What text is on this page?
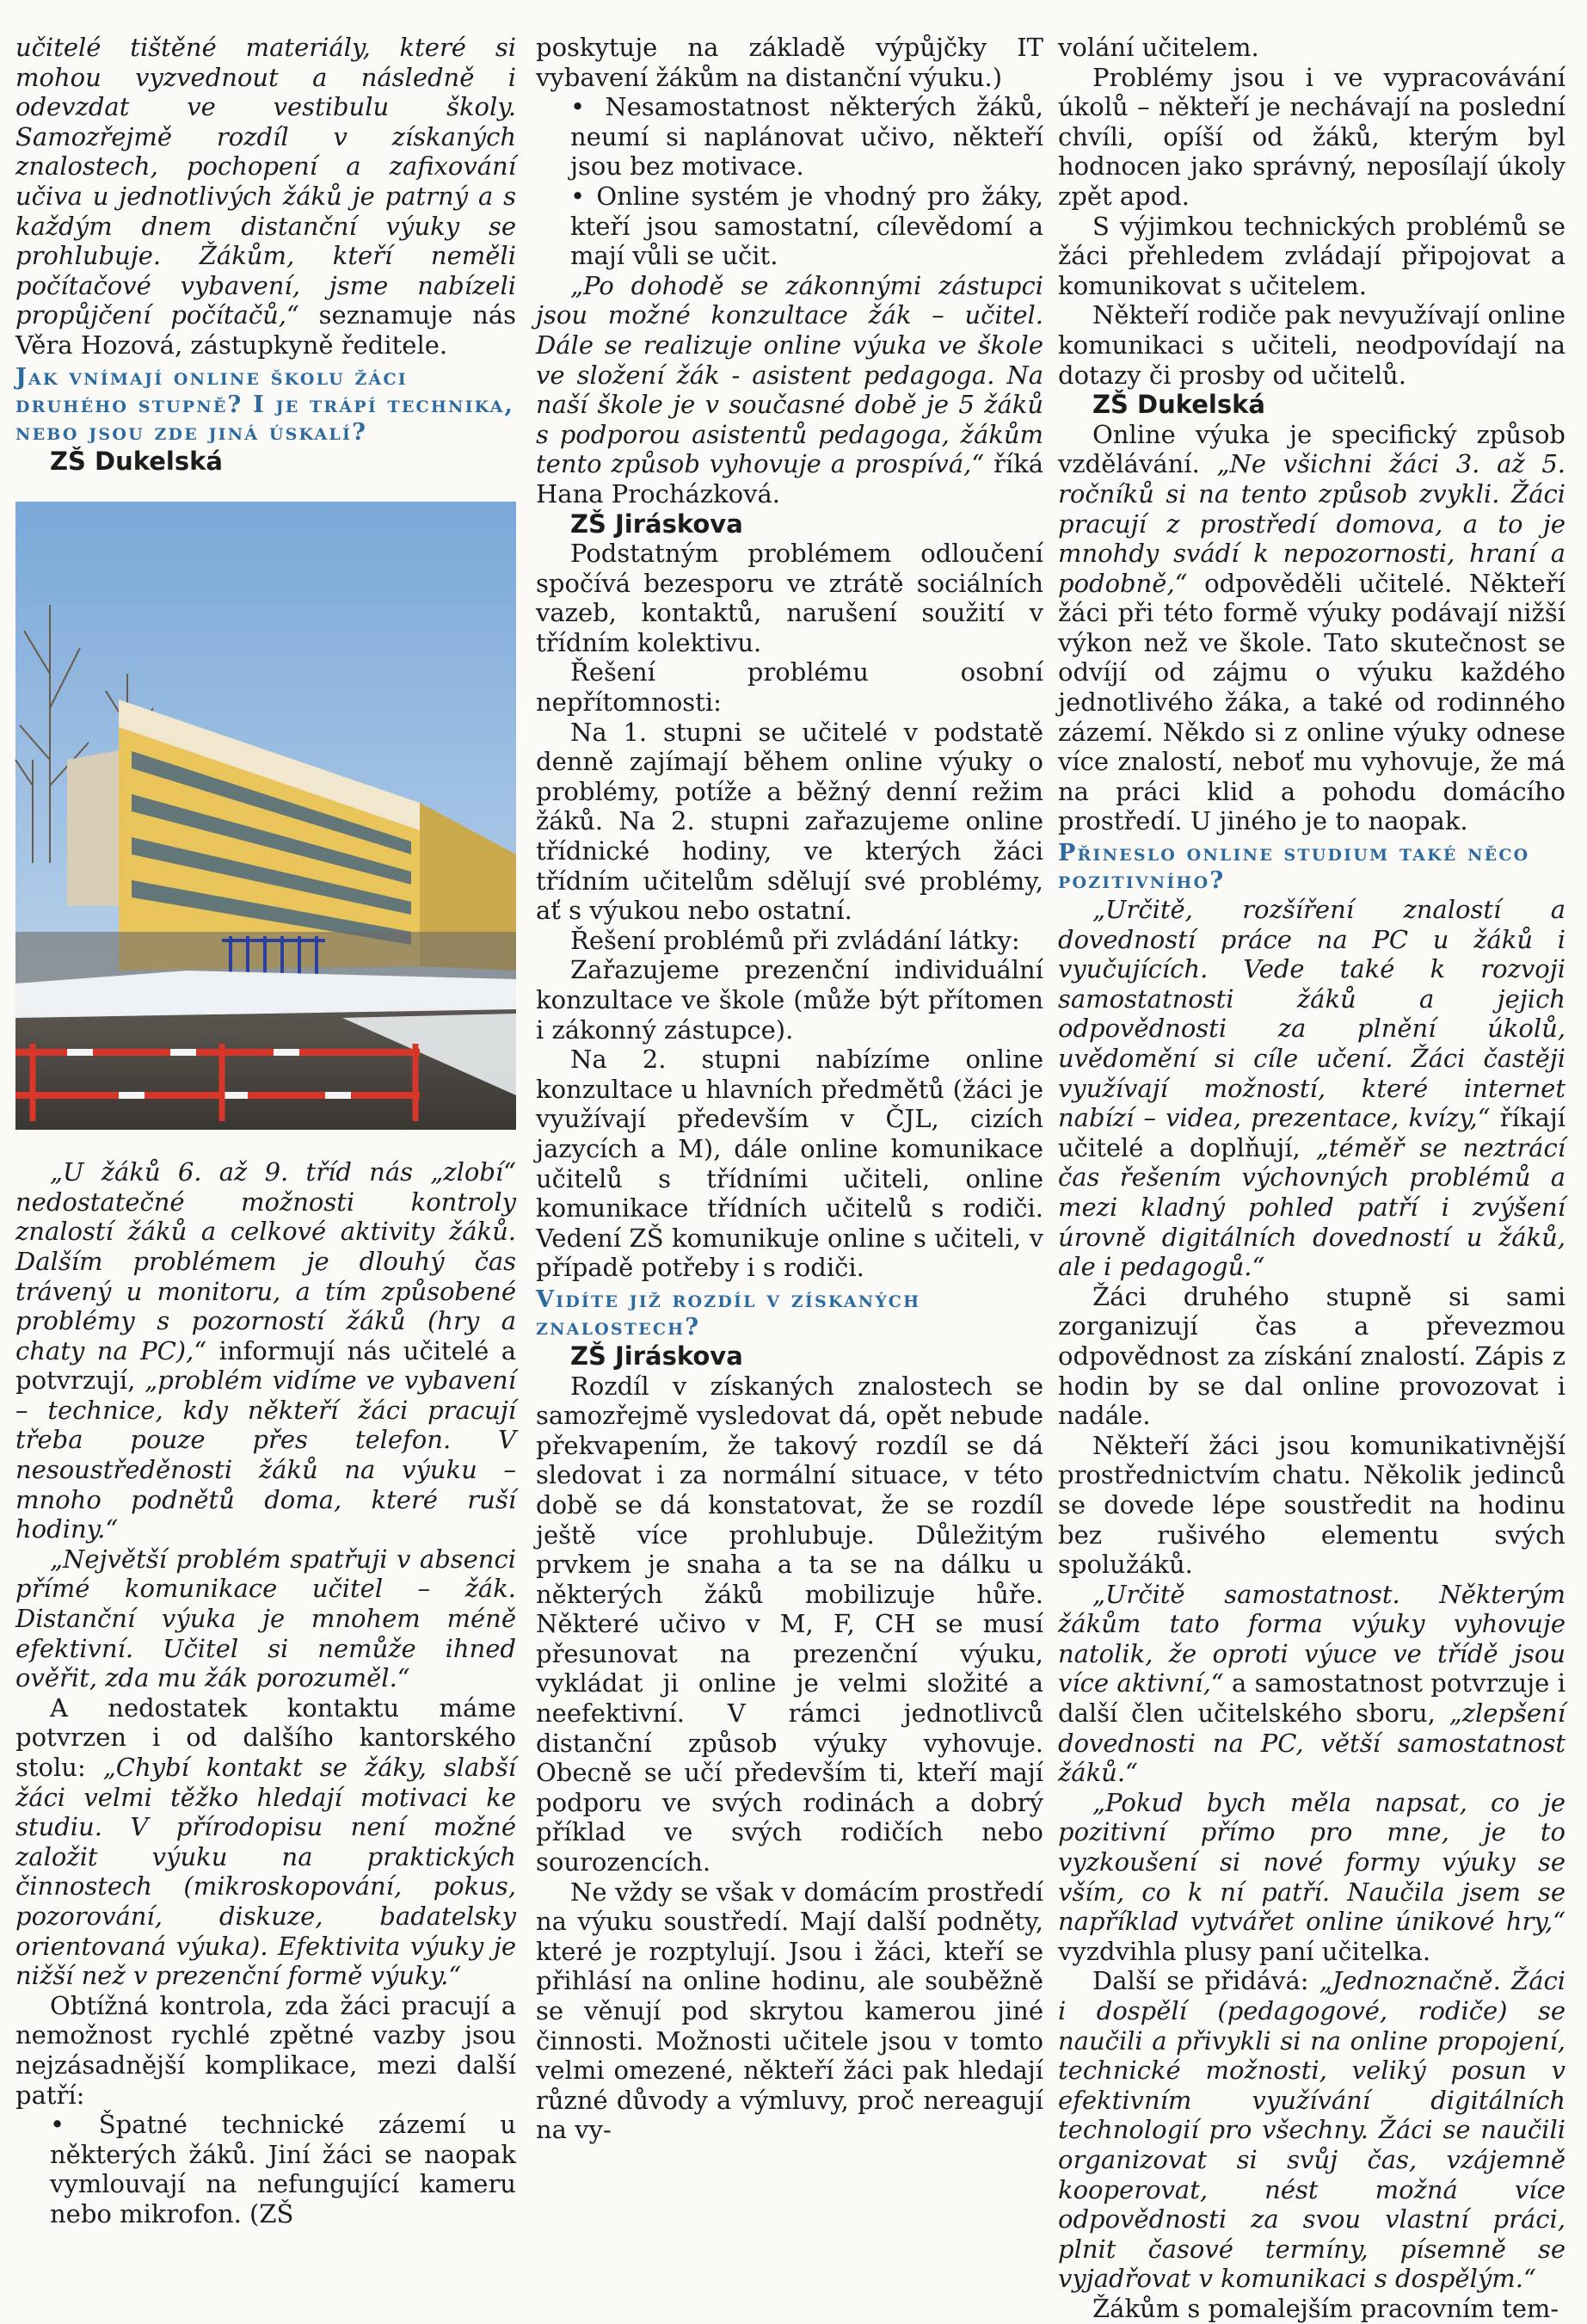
učitelé tištěné materiály, které si mohou vyzvednout a následně i odevzdat ve vestibulu školy. Samozřejmě rozdíl v získaných znalostech, pochopení a zafixování učiva u jednotlivých žáků je patrný a s každým dnem distanční výuky se prohlubuje. Žákům, kteří neměli počítačové vybavení, jsme nabízeli propůjčení počítačů,“ seznamuje nás Věra Hozová, zástupkyně ředitele.

Jak vnímají online školu žáci druhého stupně? I je trápí technika, nebo jsou zde jiná úskalí?
ZŠ Dukelská

„U žáků 6. až 9. tříd nás „zlobí“ nedostatečné možnosti kontroly znalostí žáků a celkové aktivity žáků. Dalším problémem je dlouhý čas trávený u monitoru, a tím způsobené problémy s pozorností žáků (hry a chaty na PC),“ informují nás učitelé a potvrzují, „problém vidíme ve vybavení – technice, kdy někteří žáci pracují třeba pouze přes telefon. V nesoustředěnosti žáků na výuku – mnoho podnětů doma, které ruší hodiny.“

„Největší problém spatřuji v absenci přímé komunikace učitel – žák. Distanční výuka je mnohem méně efektivní. Učitel si nemůže ihned ověřit, zda mu žák porozuměl.“

A nedostatek kontaktu máme potvrzen i od dalšího kantorského stolu: „Chybí kontakt se žáky, slabší žáci velmi těžko hledají motivaci ke studiu. V přírodopisu není možné založit výuku na praktických činnostech (mikroskopování, pokus, pozorování, diskuze, badatelsky orientovaná výuka). Efektivita výuky je nižší než v prezenční formě výuky.“

Obtížná kontrola, zda žáci pracují a nemožnost rychlé zpětné vazby jsou nejzásadnější komplikace, mezi další patří:

• Špatné technické zázemí u některých žáků. Jiní žáci se naopak vymlouvají na nefungující kameru nebo mikrofon. (ZŠ

poskytuje na základě výpůjčky IT vybavení žákům na distanční výuku.)

• Nesamostatnost některých žáků, neumí si naplánovat učivo, někteří jsou bez motivace.

• Online systém je vhodný pro žáky, kteří jsou samostatní, cílevědomí a mají vůli se učit.

„Po dohodě se zákonnými zástupci jsou možné konzultace žák – učitel. Dále se realizuje online výuka ve škole ve složení žák - asistent pedagoga. Na naší škole je v současné době je 5 žáků s podporou asistentů pedagoga, žákům tento způsob vyhovuje a prospívá,“ říká Hana Procházková.

ZŠ Jiráskova

Podstatným problémem odloučení spočívá bezesporu ve ztrátě sociálních vazeb, kontaktů, narušení soužití v třídním kolektivu.

Řešení problému osobní nepřítomnosti:

Na 1. stupni se učitelé v podstatě denně zajímají během online výuky o problémy, potíže a běžný denní režim žáků. Na 2. stupni zařazujeme online třídnické hodiny, ve kterých žáci třídním učitelům sdělují své problémy, ať s výukou nebo ostatní.

Řešení problémů při zvládání látky:

Zařazujeme prezenční individuální konzultace ve škole (může být přítomen i zákonný zástupce).

Na 2. stupni nabízíme online konzultace u hlavních předmětů (žáci je využívají především v ČJL, cizích jazycích a M), dále online komunikace učitelů s třídními učiteli, online komunikace třídních učitelů s rodiči. Vedení ZŠ komunikuje online s učiteli, v případě potřeby i s rodiči.

Vidíte již rozdíl v získaných znalostech?
ZŠ Jiráskova

Rozdíl v získaných znalostech se samozřejmě vysledovat dá, opět nebude překvapením, že takový rozdíl se dá sledovat i za normální situace, v této době se dá konstatovat, že se rozdíl ještě více prohlubuje. Důležitým prvkem je snaha a ta se na dálku u některých žáků mobilizuje hůře. Některé učivo v M, F, CH se musí přesunovat na prezenční výuku, vykládat ji online je velmi složité a neefektivní. V rámci jednotlivců distanční způsob výuky vyhovuje. Obecně se učí především ti, kteří mají podporu ve svých rodinách a dobrý příklad ve svých rodičích nebo sourozencích.

Ne vždy se však v domácím prostředí na výuku soustředí. Mají další podněty, které je rozptylují. Jsou i žáci, kteří se přihlásí na online hodinu, ale souběžně se věnují pod skrytou kamerou jiné činnosti. Možnosti učitele jsou v tomto velmi omezené, někteří žáci pak hledají různé důvody a výmluvy, proč nereagují na vy-

volání učitelem.

Problémy jsou i ve vypracovávání úkolů – někteří je nechávají na poslední chvíli, opíší od žáků, kterým byl hodnocen jako správný, neposílají úkoly zpět apod.

S výjimkou technických problémů se žáci přehledem zvládají připojovat a komunikovat s učitelem.

Někteří rodiče pak nevyužívají online komunikaci s učiteli, neodpovídají na dotazy či prosby od učitelů.

ZŠ Dukelská

Online výuka je specifický způsob vzdělávání. „Ne všichni žáci 3. až 5. ročníků si na tento způsob zvykli. Žáci pracují z prostředí domova, a to je mnohdy svádí k nepozornosti, hraní a podobně,“ odpověděli učitelé. Někteří žáci při této formě výuky podávají nižší výkon než ve škole. Tato skutečnost se odvíjí od zájmu o výuku každého jednotlivého žáka, a také od rodinného zázemí. Někdo si z online výuky odnese více znalostí, neboť mu vyhovuje, že má na práci klid a pohodu domácího prostředí. U jiného je to naopak.

Přineslo online studium také něco pozitivního?

„Určitě, rozšíření znalostí a dovedností práce na PC u žáků i vyučujících. Vede také k rozvoji samostatnosti žáků a jejich odpovědnosti za plnění úkolů, uvědomění si cíle učení. Žáci častěji využívají možností, které internet nabízí – videa, prezentace, kvízy,“ říkají učitelé a doplňují, „téměř se neztrácí čas řešením výchovných problémů a mezi kladný pohled patří i zvýšení úrovně digitálních dovedností u žáků, ale i pedagogů.“

Žáci druhého stupně si sami zorganizují čas a převezmou odpovědnost za získání znalostí. Zápis z hodin by se dal online provozovat i nadále.

Někteří žáci jsou komunikativnější prostřednictvím chatu. Několik jedinců se dovede lépe soustředit na hodinu bez rušivého elementu svých spolužáků.

„Určitě samostatnost. Některým žákům tato forma výuky vyhovuje natolik, že oproti výuce ve třídě jsou více aktivní,“ a samostatnost potvrzuje i další člen učitelského sboru, „zlepšení dovednosti na PC, větší samostatnost žáků.“

„Pokud bych měla napsat, co je pozitivní přímo pro mne, je to vyzkoušení si nové formy výuky se vším, co k ní patří. Naučila jsem se například vytvářet online únikové hry,“ vyzdvihla plusy paní učitelka.

Další se přidává: „Jednoznačně. Žáci i dospělí (pedagogové, rodiče) se naučili a přivykli si na online propojení, technické možnosti, veliký posun v efektivním využívání digitálních technologií pro všechny. Žáci se naučili organizovat si svůj čas, vzájemně kooperovat, nést možná více odpovědnosti za svou vlastní práci, plnit časové termíny, písemně se vyjadřovat v komunikaci s dospělým.“

Žákům s pomalejším pracovním tem-
